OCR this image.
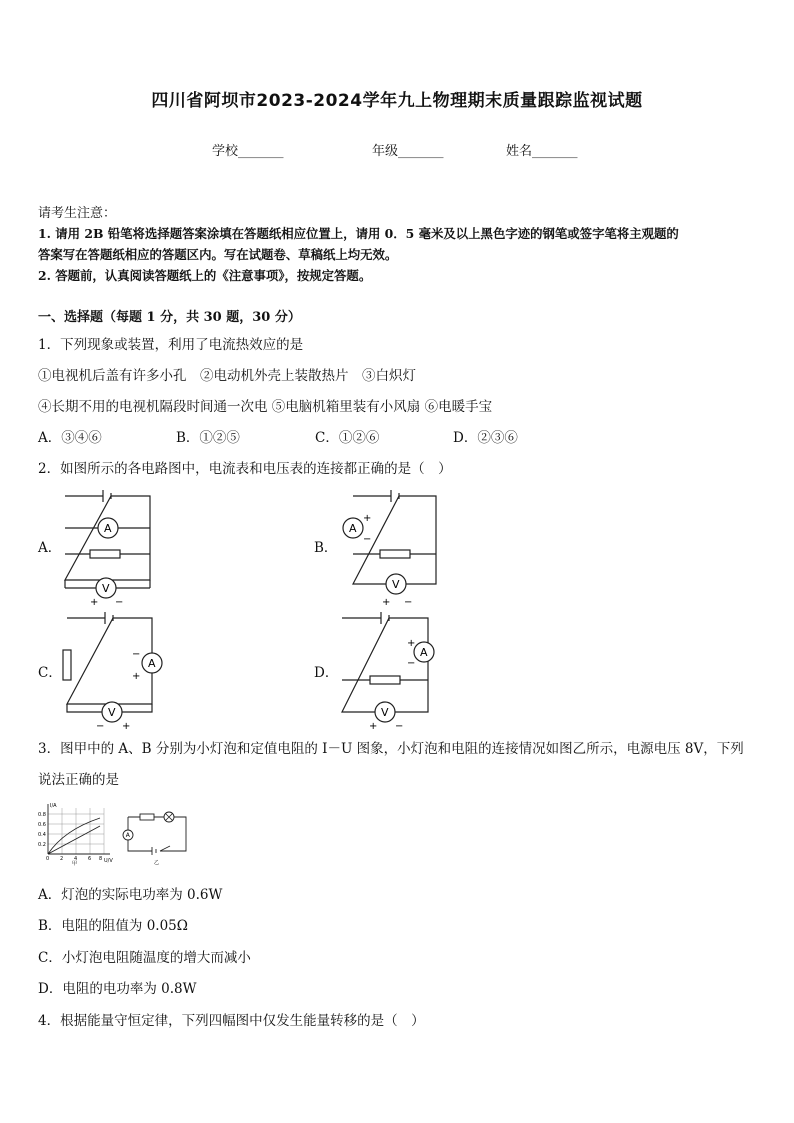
四川省阿坝市2023-2024学年九上物理期末质量跟踪监视试题
学校_______	年级_______	姓名_______
请考生注意：
1. 请用 2B 铅笔将选择题答案涂填在答题纸相应位置上，请用 0．5 毫米及以上黑色字迹的钢笔或签字笔将主观题的
答案写在答题纸相应的答题区内。写在试题卷、草稿纸上均无效。
2. 答题前，认真阅读答题纸上的《注意事项》，按规定答题。
一、选择题（每题 1 分，共 30 题，30 分）
1．下列现象或装置，利用了电流热效应的是
①电视机后盖有许多小孔　②电动机外壳上装散热片　③白炽灯
④长期不用的电视机隔段时间通一次电 ⑤电脑机箱里装有小风扇 ⑥电暖手宝
A．③④⑥	B．①②⑤	C．①②⑥	D．②③⑥
2．如图所示的各电路图中，电流表和电压表的连接都正确的是（　）
A．
A
V
+ −
B．
A
V
+
−
+ −
C．
A
V
−
+
− +
D．
A
V
+
−
+ −
3．图甲中的 A、B 分别为小灯泡和定值电阻的 I－U 图象，小灯泡和电阻的连接情况如图乙所示，电源电压 8V，下列
说法正确的是
I/A
U/V
0.8
0.6
0.4
0.2
0 2 4 6 8
甲
A
乙
A．灯泡的实际电功率为 0.6W
B．电阻的阻值为 0.05Ω
C．小灯泡电阻随温度的增大而减小
D．电阻的电功率为 0.8W
4．根据能量守恒定律，下列四幅图中仅发生能量转移的是（　）
